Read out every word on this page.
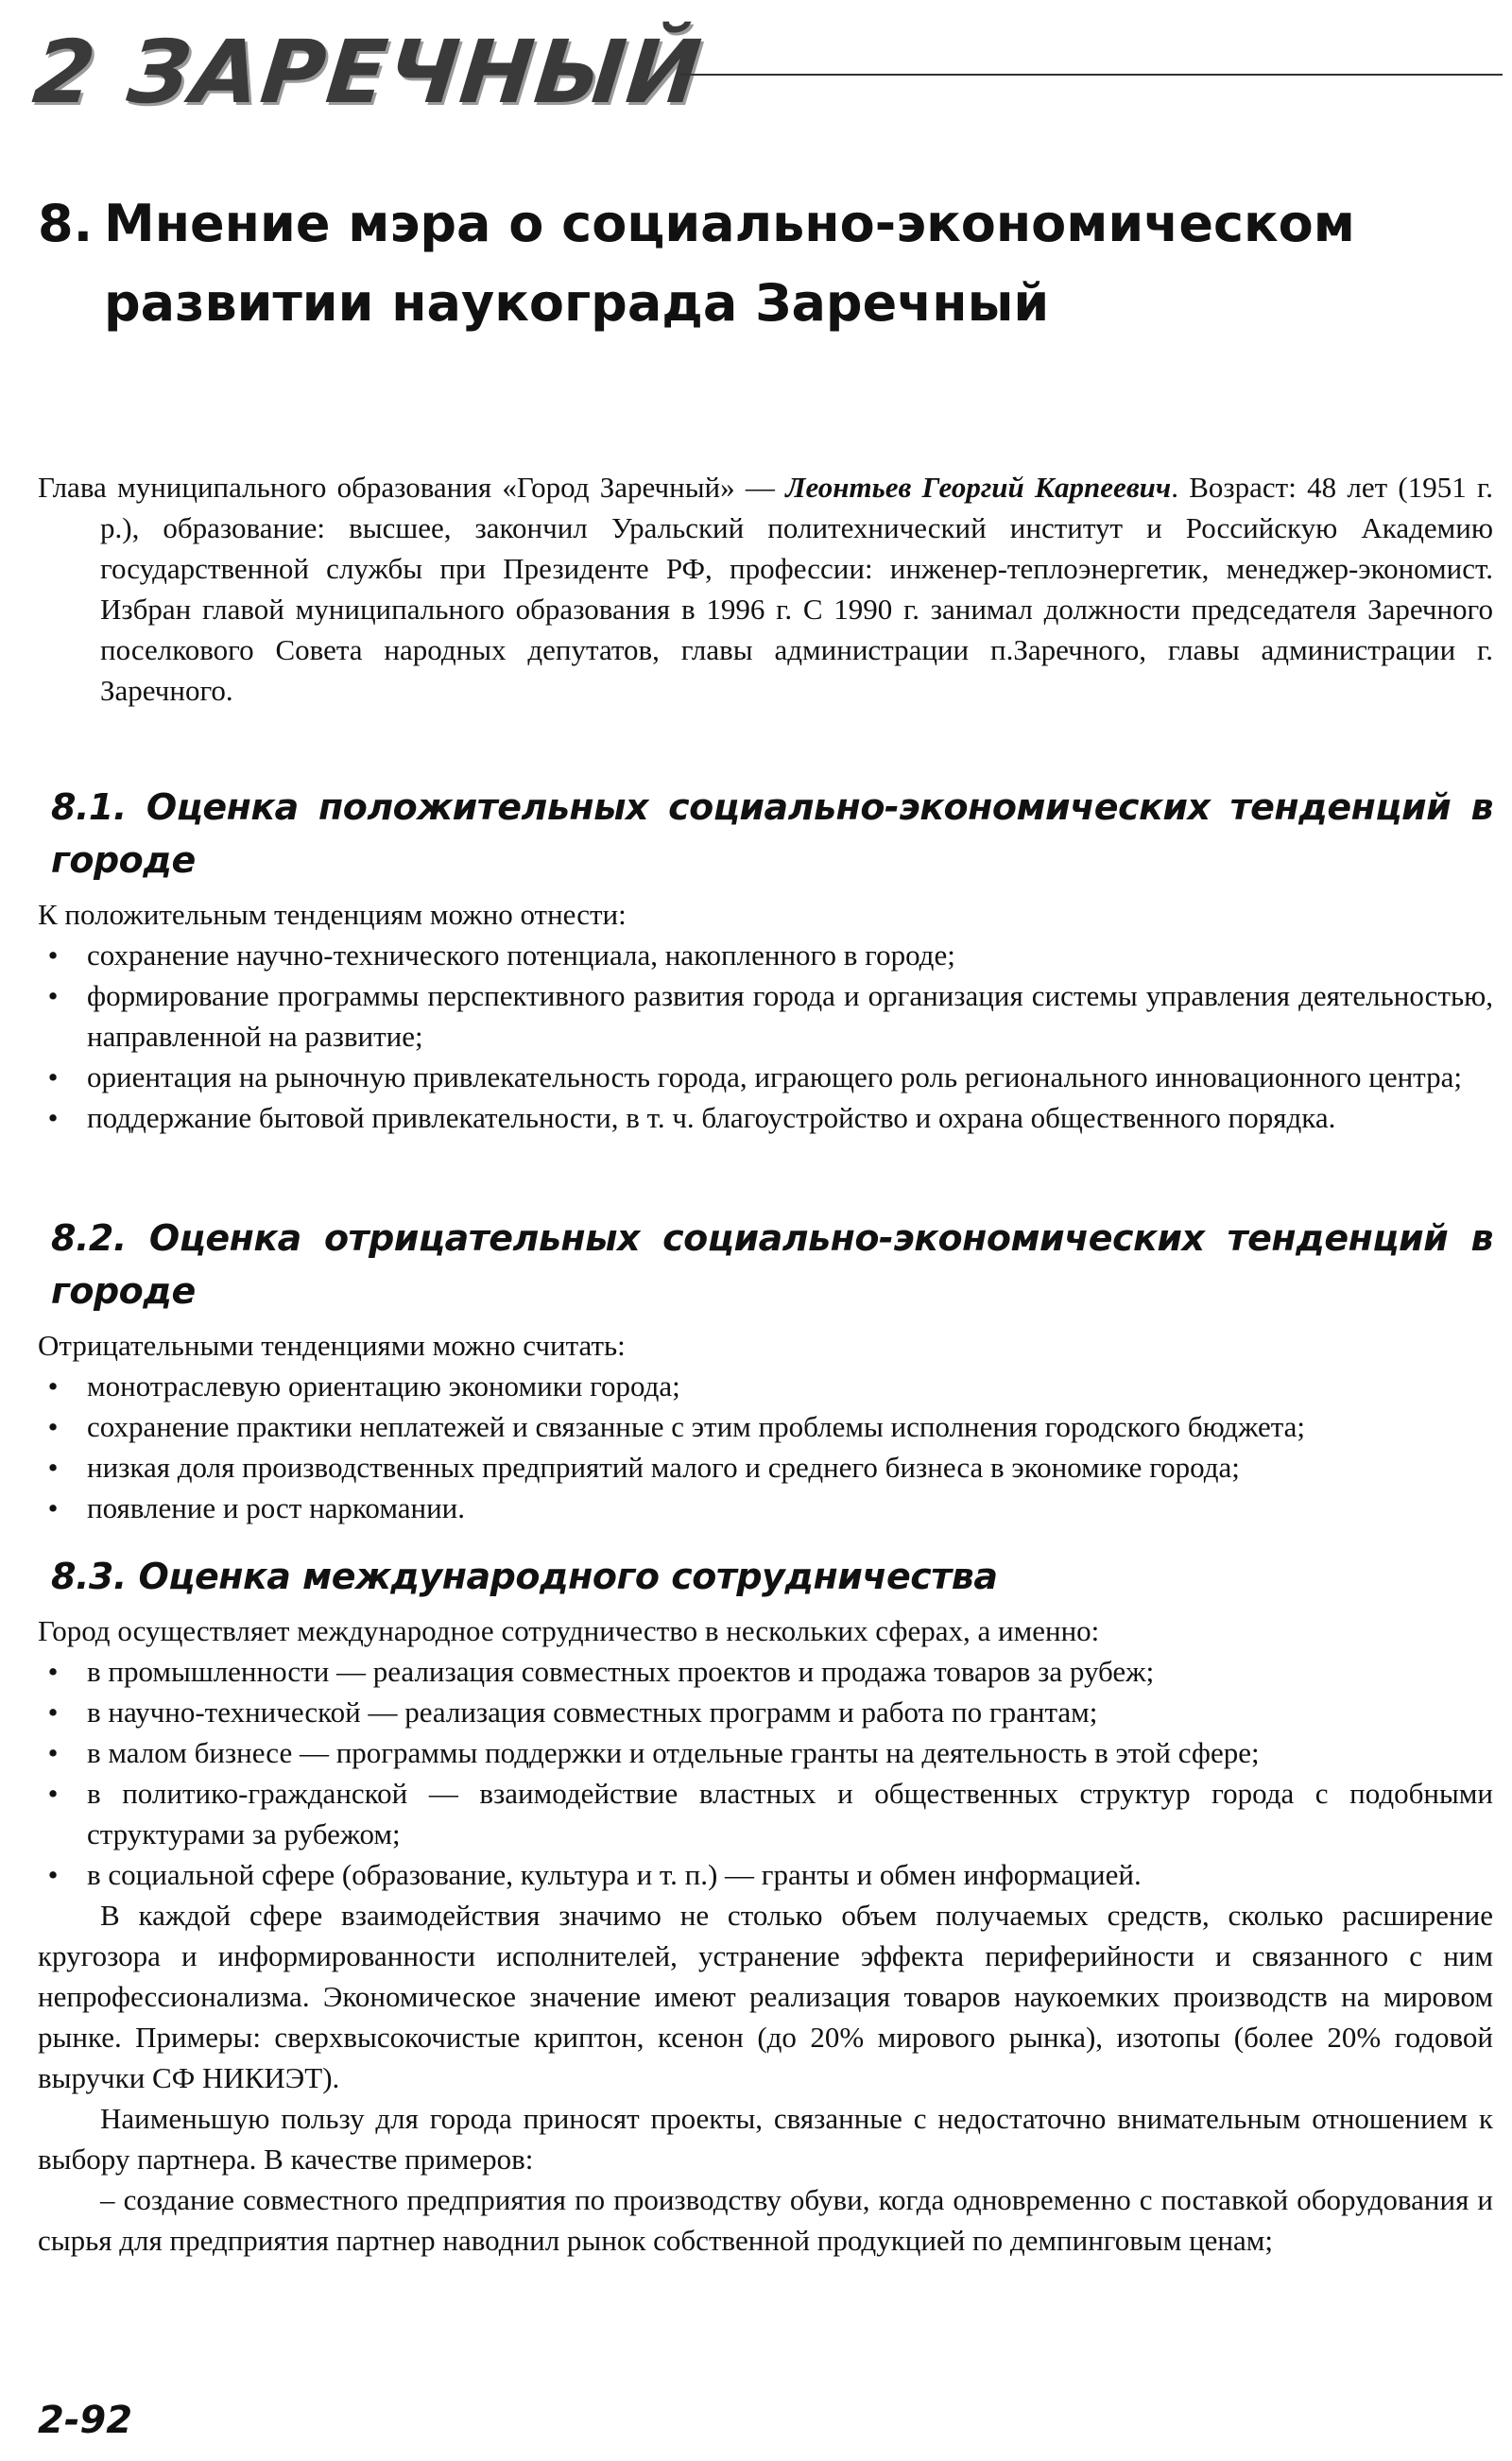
2 ЗАРЕЧНЫЙ
8. Мнение мэра о социально-экономическом
развитии наукограда Заречный

Глава муниципального образования «Город Заречный» — Леонтьев Георгий Карпеевич. Возраст: 48 лет (1951 г. р.), образование: высшее, закончил Уральский политехнический институт и Российскую Академию государственной службы при Президенте РФ, профессии: инженер-теплоэнергетик, менеджер-экономист. Избран главой муниципального образования в 1996 г. С 1990 г. занимал должности председателя Заречного поселкового Совета народных депутатов, главы администрации п.Заречного, главы администрации г. Заречного.

8.1. Оценка положительных социально-экономических тенденций в городе

К положительным тенденциям можно отнести:

• сохранение научно-технического потенциала, накопленного в городе;
• формирование программы перспективного развития города и организация системы управления деятельностью, направленной на развитие;
• ориентация на рыночную привлекательность города, играющего роль регионального инновационного центра;
• поддержание бытовой привлекательности, в т. ч. благоустройство и охрана общественного порядка.
8.2. Оценка отрицательных социально-экономических тенденций в городе

Отрицательными тенденциями можно считать:

• монотраслевую ориентацию экономики города;
• сохранение практики неплатежей и связанные с этим проблемы исполнения городского бюджета;
• низкая доля производственных предприятий малого и среднего бизнеса в экономике города;
• появление и рост наркомании.
8.3. Оценка международного сотрудничества

Город осуществляет международное сотрудничество в нескольких сферах, а именно:

• в промышленности — реализация совместных проектов и продажа товаров за рубеж;
• в научно-технической — реализация совместных программ и работа по грантам;
• в малом бизнесе — программы поддержки и отдельные гранты на деятельность в этой сфере;
• в политико-гражданской — взаимодействие властных и общественных структур города с подобными структурами за рубежом;
• в социальной сфере (образование, культура и т. п.) — гранты и обмен информацией.

В каждой сфере взаимодействия значимо не столько объем получаемых средств, сколько расширение кругозора и информированности исполнителей, устранение эффекта периферийности и связанного с ним непрофессионализма. Экономическое значение имеют реализация товаров наукоемких производств на мировом рынке. Примеры: сверхвысокочистые криптон, ксенон (до 20% мирового рынка), изотопы (более 20% годовой выручки СФ НИКИЭТ).

Наименьшую пользу для города приносят проекты, связанные с недостаточно внимательным отношением к выбору партнера. В качестве примеров:

– создание совместного предприятия по производству обуви, когда одновременно с поставкой оборудования и сырья для предприятия партнер наводнил рынок собственной продукцией по демпинговым ценам;

2-92
